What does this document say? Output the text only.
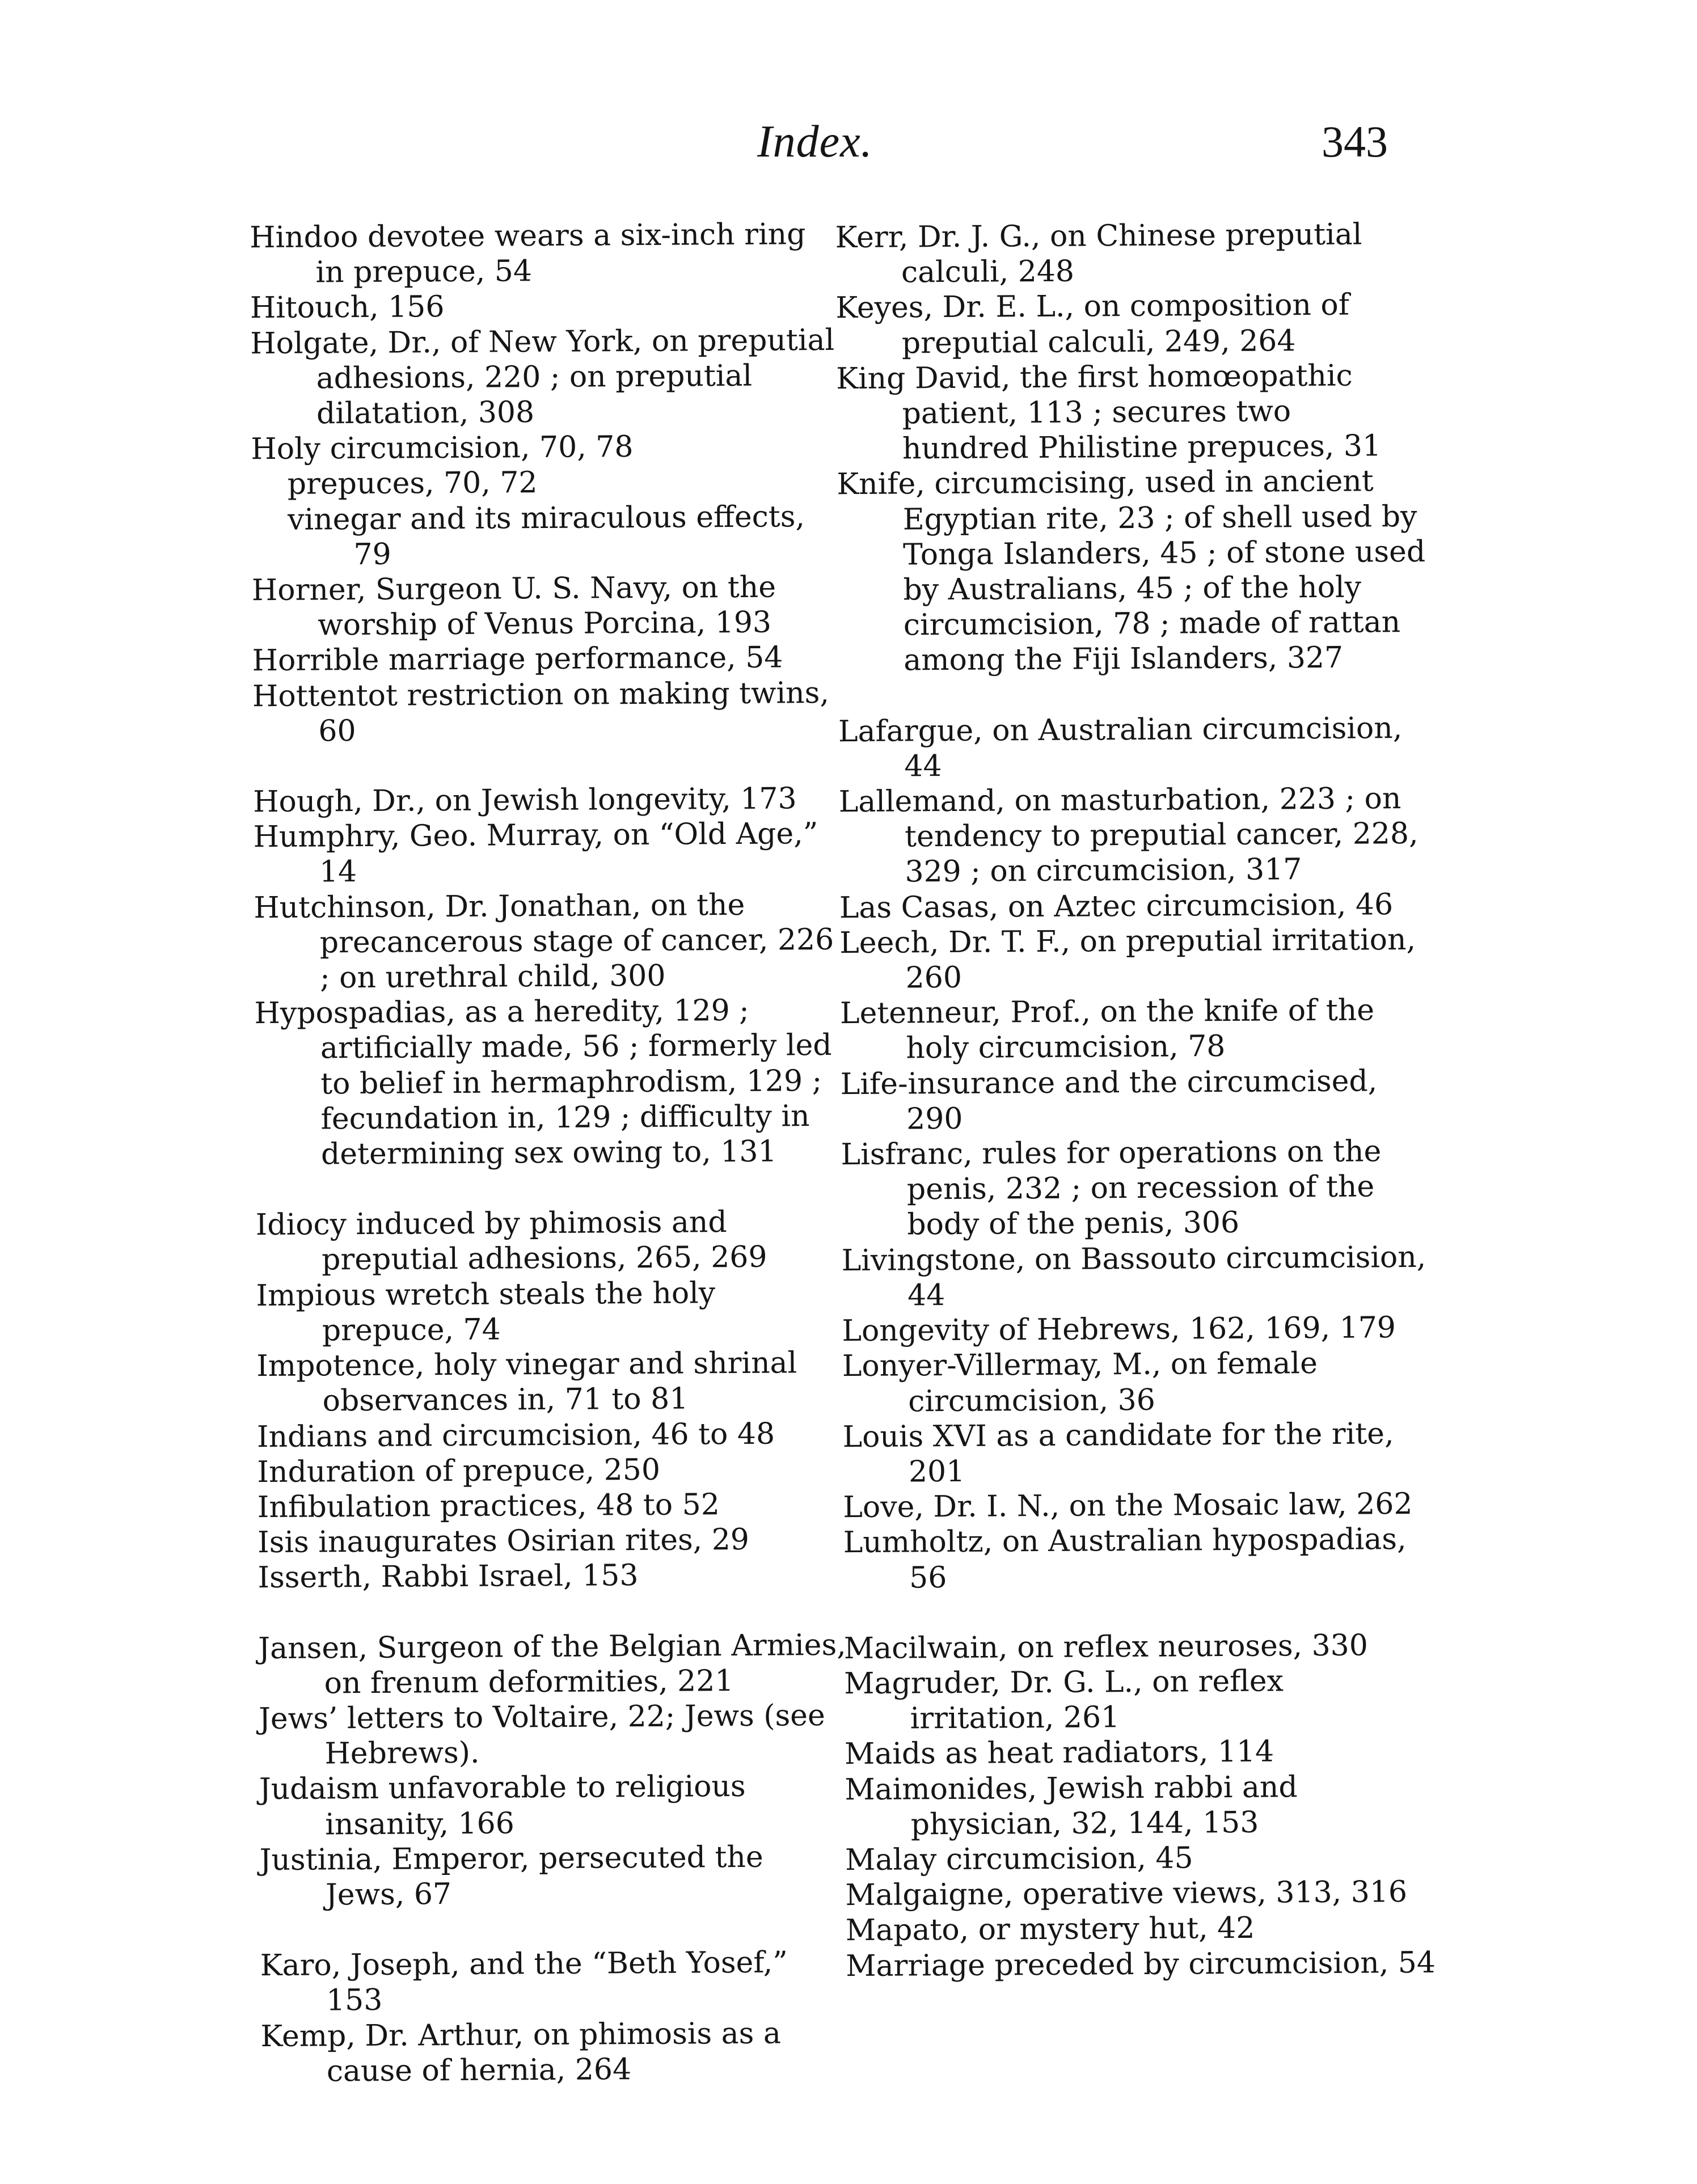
Index.	343
Hindoo devotee wears a six-inch ring in prepuce, 54
Hitouch, 156
Holgate, Dr., of New York, on preputial adhesions, 220 ; on preputial dilatation, 308
Holy circumcision, 70, 78
prepuces, 70, 72
vinegar and its miraculous effects, 79
Horner, Surgeon U. S. Navy, on the worship of Venus Porcina, 193
Horrible marriage performance, 54
Hottentot restriction on making twins, 60
Hough, Dr., on Jewish longevity, 173
Humphry, Geo. Murray, on “Old Age,” 14
Hutchinson, Dr. Jonathan, on the precancerous stage of cancer, 226 ; on urethral child, 300
Hypospadias, as a heredity, 129 ; artificially made, 56 ; formerly led to belief in hermaphrodism, 129 ; fecundation in, 129 ; difficulty in determining sex owing to, 131
Idiocy induced by phimosis and preputial adhesions, 265, 269
Impious wretch steals the holy prepuce, 74
Impotence, holy vinegar and shrinal observances in, 71 to 81
Indians and circumcision, 46 to 48
Induration of prepuce, 250
Infibulation practices, 48 to 52
Isis inaugurates Osirian rites, 29
Isserth, Rabbi Israel, 153
Jansen, Surgeon of the Belgian Armies, on frenum deformities, 221
Jews’ letters to Voltaire, 22; Jews (see Hebrews).
Judaism unfavorable to religious insanity, 166
Justinia, Emperor, persecuted the Jews, 67
Karo, Joseph, and the “Beth Yosef,” 153
Kemp, Dr. Arthur, on phimosis as a cause of hernia, 264
Kerr, Dr. J. G., on Chinese preputial calculi, 248
Keyes, Dr. E. L., on composition of preputial calculi, 249, 264
King David, the first homœopathic patient, 113 ; secures two hundred Philistine prepuces, 31
Knife, circumcising, used in ancient Egyptian rite, 23 ; of shell used by Tonga Islanders, 45 ; of stone used by Australians, 45 ; of the holy circumcision, 78 ; made of rattan among the Fiji Islanders, 327
Lafargue, on Australian circumcision, 44
Lallemand, on masturbation, 223 ; on tendency to preputial cancer, 228, 329 ; on circumcision, 317
Las Casas, on Aztec circumcision, 46
Leech, Dr. T. F., on preputial irritation, 260
Letenneur, Prof., on the knife of the holy circumcision, 78
Life-insurance and the circumcised, 290
Lisfranc, rules for operations on the penis, 232 ; on recession of the body of the penis, 306
Livingstone, on Bassouto circumcision, 44
Longevity of Hebrews, 162, 169, 179
Lonyer-Villermay, M., on female circumcision, 36
Louis XVI as a candidate for the rite, 201
Love, Dr. I. N., on the Mosaic law, 262
Lumholtz, on Australian hypospadias, 56
Macilwain, on reflex neuroses, 330
Magruder, Dr. G. L., on reflex irritation, 261
Maids as heat radiators, 114
Maimonides, Jewish rabbi and physician, 32, 144, 153
Malay circumcision, 45
Malgaigne, operative views, 313, 316
Mapato, or mystery hut, 42
Marriage preceded by circumcision, 54
